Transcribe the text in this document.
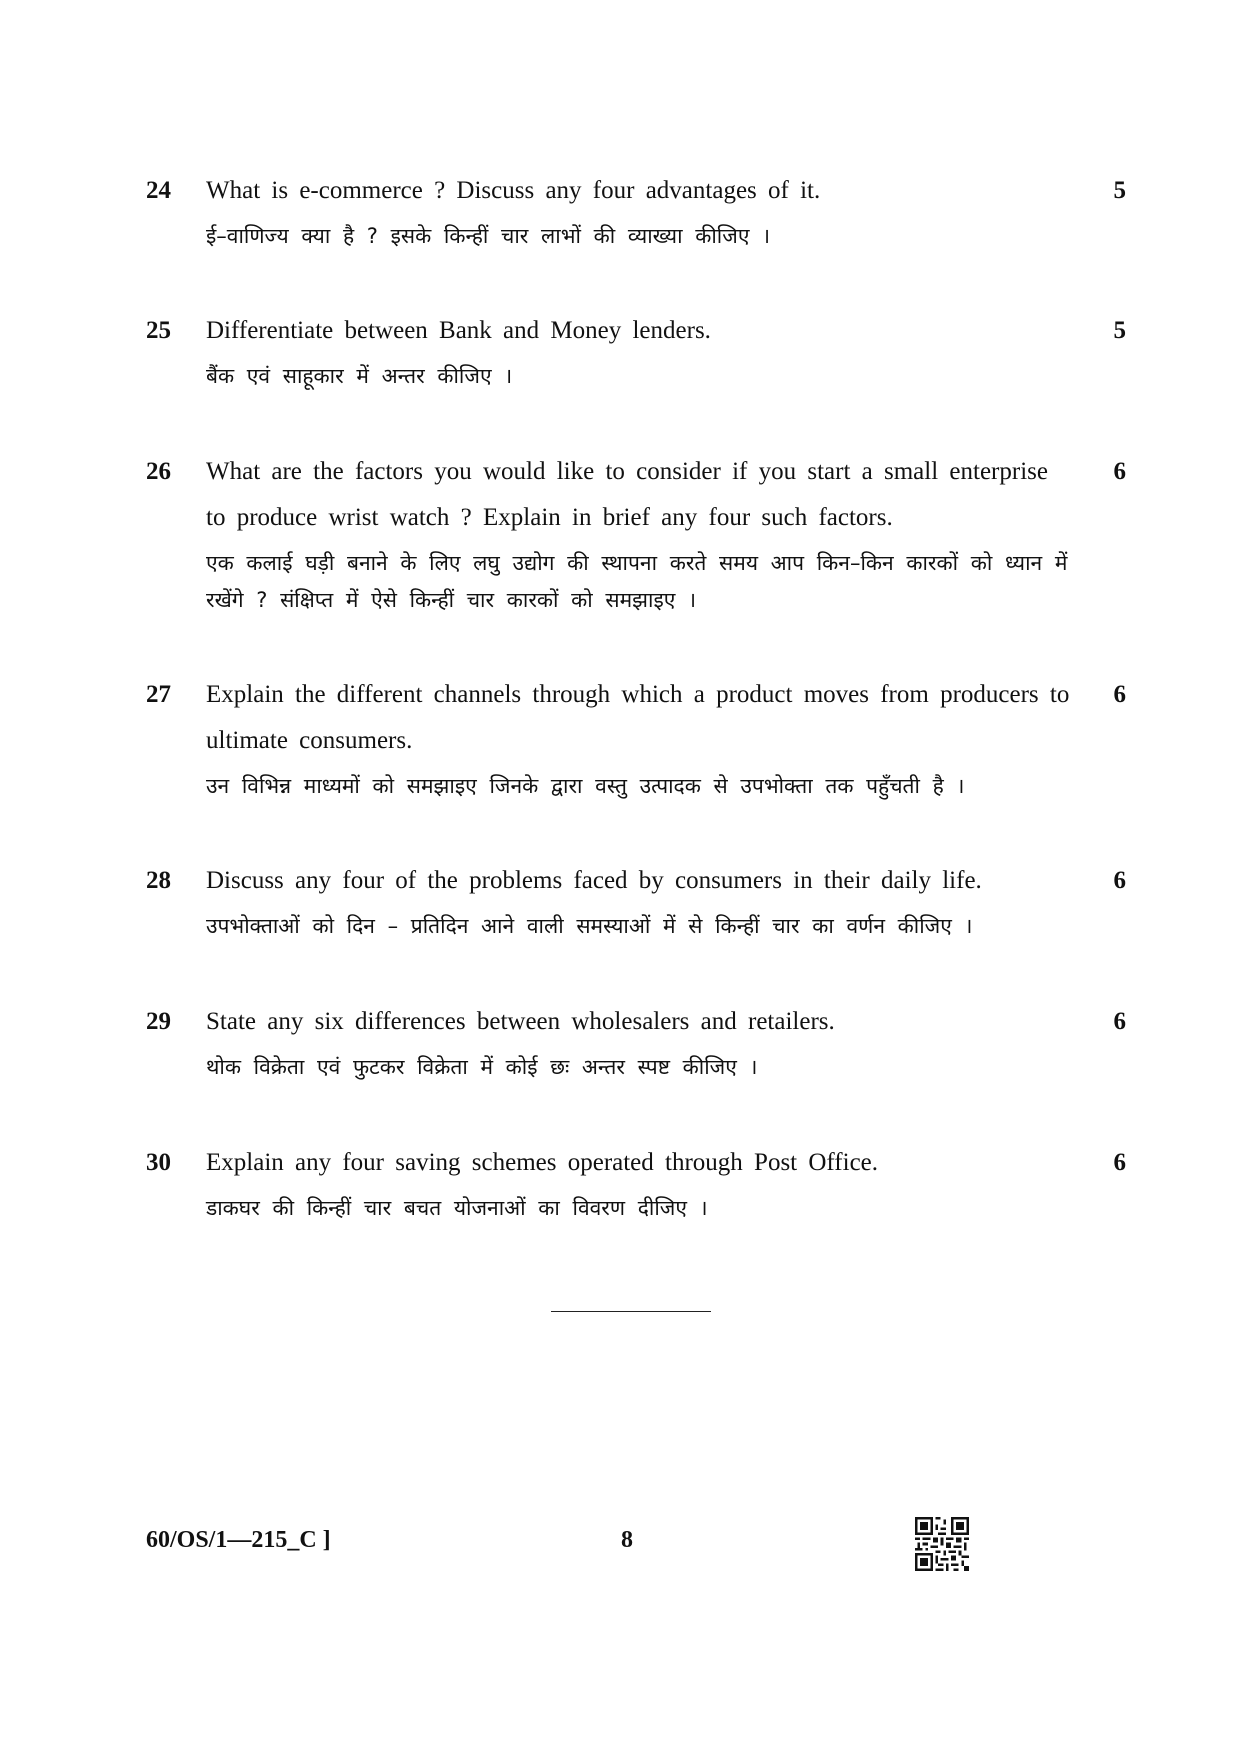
24	5

What is e-commerce ? Discuss any four advantages of it.

ई–वाणिज्य क्या है ? इसके किन्हीं चार लाभों की व्याख्या कीजिए ।

25	5

Differentiate between Bank and Money lenders.

बैंक एवं साहूकार में अन्तर कीजिए ।

26	6

What are the factors you would like to consider if you start a small enterprise to produce wrist watch ? Explain in brief any four such factors.

एक कलाई घड़ी बनाने के लिए लघु उद्योग की स्थापना करते समय आप किन–किन कारकों को ध्यान में रखेंगे ? संक्षिप्त में ऐसे किन्हीं चार कारकों को समझाइए ।

27	6

Explain the different channels through which a product moves from producers to ultimate consumers.

उन विभिन्न माध्यमों को समझाइए जिनके द्वारा वस्तु उत्पादक से उपभोक्ता तक पहुँचती है ।

28	6

Discuss any four of the problems faced by consumers in their daily life.

उपभोक्ताओं को दिन – प्रतिदिन आने वाली समस्याओं में से किन्हीं चार का वर्णन कीजिए ।

29	6

State any six differences between wholesalers and retailers.

थोक विक्रेता एवं फुटकर विक्रेता में कोई छः अन्तर स्पष्ट कीजिए ।

30	6

Explain any four saving schemes operated through Post Office.

डाकघर की किन्हीं चार बचत योजनाओं का विवरण दीजिए ।

60/OS/1—215_C ]	8
